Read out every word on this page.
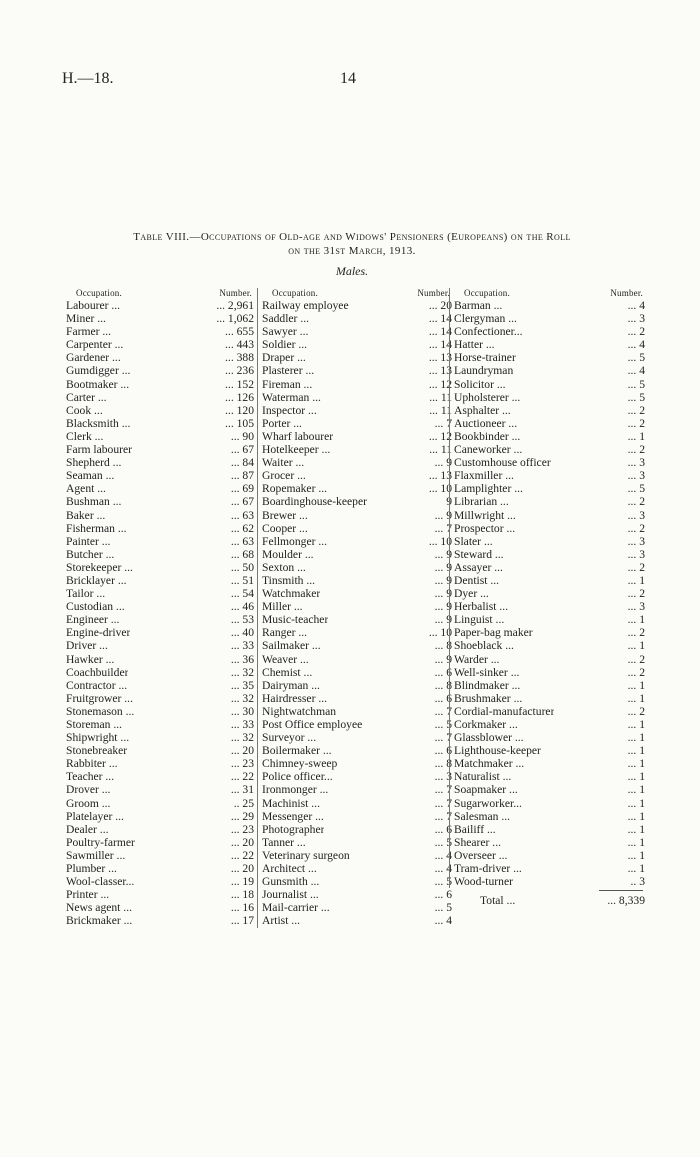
H.—18.	14
Table VIII.—Occupations of Old-age and Widows' Pensioners (Europeans) on the Roll
on the 31st March, 1913.
Males.
Occupation.	Number.
Labourer ...	... 2,961
Miner ...	... 1,062
Farmer ...	... 655
Carpenter ...	... 443
Gardener ...	... 388
Gumdigger ...	... 236
Bootmaker ...	... 152
Carter ...	... 126
Cook ...	... 120
Blacksmith ...	... 105
Clerk ...	... 90
Farm labourer	... 67
Shepherd ...	... 84
Seaman ...	... 87
Agent ...	... 69
Bushman ...	... 67
Baker ...	... 63
Fisherman ...	... 62
Painter ...	... 63
Butcher ...	... 68
Storekeeper ...	... 50
Bricklayer ...	... 51
Tailor ...	... 54
Custodian ...	... 46
Engineer ...	... 53
Engine-driver	... 40
Driver ...	... 33
Hawker ...	... 36
Coachbuilder	... 32
Contractor ...	... 35
Fruitgrower ...	... 32
Stonemason ...	... 30
Storeman ...	... 33
Shipwright ...	... 32
Stonebreaker	... 20
Rabbiter ...	... 23
Teacher ...	... 22
Drover ...	... 31
Groom ...	.. 25
Platelayer ...	... 29
Dealer ...	... 23
Poultry-farmer	... 20
Sawmiller ...	... 22
Plumber ...	... 20
Wool-classer...	... 19
Printer ...	... 18
News agent ...	... 16
Brickmaker ...	... 17
Occupation.	Number.
Railway employee	... 20
Saddler ...	... 14
Sawyer ...	... 14
Soldier ...	... 14
Draper ...	... 13
Plasterer ...	... 13
Fireman ...	... 12
Waterman ...	... 11
Inspector ...	... 11
Porter ...	... 7
Wharf labourer	... 12
Hotelkeeper ...	... 11
Waiter ...	... 9
Grocer ...	... 13
Ropemaker ...	... 10
Boardinghouse-keeper	9
Brewer ...	... 9
Cooper ...	... 7
Fellmonger ...	... 10
Moulder ...	... 9
Sexton ...	... 9
Tinsmith ...	... 9
Watchmaker	... 9
Miller ...	... 9
Music-teacher	... 9
Ranger ...	... 10
Sailmaker ...	... 8
Weaver ...	... 9
Chemist ...	... 6
Dairyman ...	... 8
Hairdresser ...	... 6
Nightwatchman	... 7
Post Office employee	... 5
Surveyor ...	... 7
Boilermaker ...	... 6
Chimney-sweep	... 8
Police officer...	... 3
Ironmonger ...	... 7
Machinist ...	... 7
Messenger ...	... 7
Photographer	... 6
Tanner ...	... 5
Veterinary surgeon	... 4
Architect ...	... 4
Gunsmith ...	... 5
Journalist ...	... 6
Mail-carrier ...	... 5
Artist ...	... 4
Occupation.	Number.
Barman ...	... 4
Clergyman ...	... 3
Confectioner...	... 2
Hatter ...	... 4
Horse-trainer	... 5
Laundryman	... 4
Solicitor ...	... 5
Upholsterer ...	... 5
Asphalter ...	... 2
Auctioneer ...	... 2
Bookbinder ...	... 1
Caneworker ...	... 2
Customhouse officer	... 3
Flaxmiller ...	... 3
Lamplighter ...	... 5
Librarian ...	... 2
Millwright ...	... 3
Prospector ...	... 2
Slater ...	... 3
Steward ...	... 3
Assayer ...	... 2
Dentist ...	... 1
Dyer ...	... 2
Herbalist ...	... 3
Linguist ...	... 1
Paper-bag maker	... 2
Shoeblack ...	... 1
Warder ...	... 2
Well-sinker ...	... 2
Blindmaker ...	... 1
Brushmaker ...	... 1
Cordial-manufacturer	... 2
Corkmaker ...	... 1
Glassblower ...	... 1
Lighthouse-keeper	... 1
Matchmaker ...	... 1
Naturalist ...	... 1
Soapmaker ...	... 1
Sugarworker...	... 1
Salesman ...	... 1
Bailiff ...	... 1
Shearer ...	... 1
Overseer ...	... 1
Tram-driver ...	... 1
Wood-turner	.. 3
Total ...	... 8,339
